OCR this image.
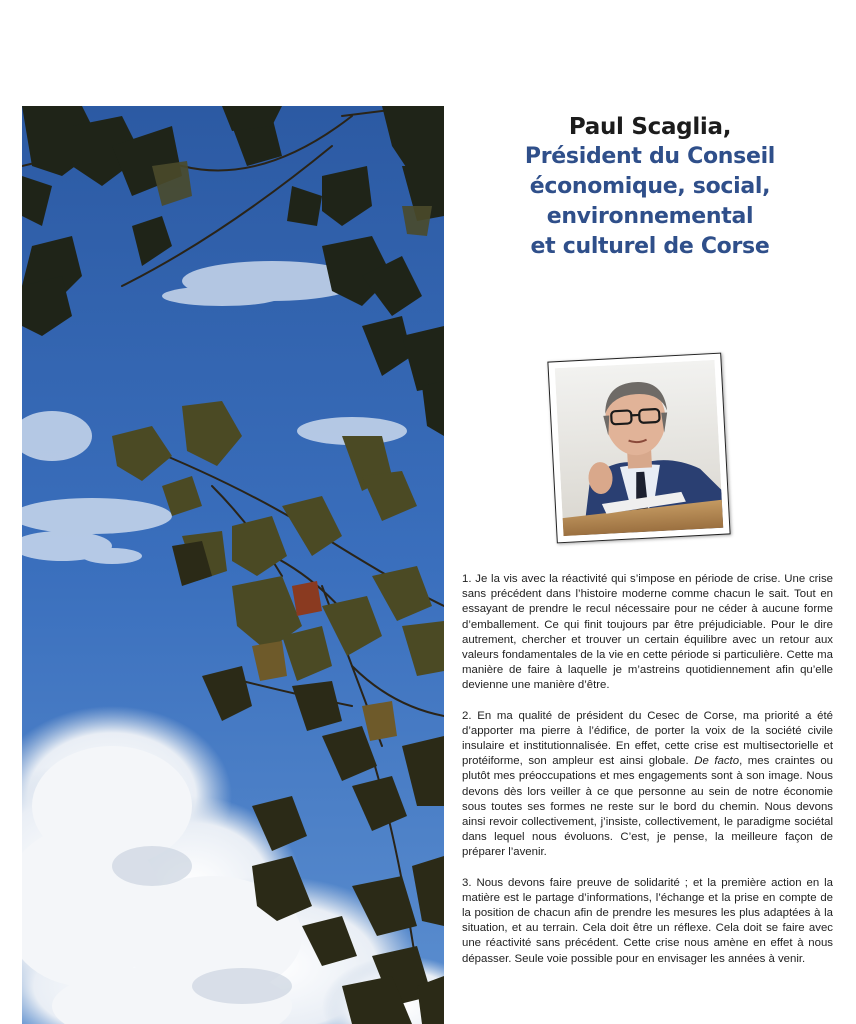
Paul Scaglia,
Président du Conseil
économique, social,
environnemental
et culturel de Corse

1. Je la vis avec la réactivité qui s’impose en période de crise. Une crise sans précédent dans l’histoire moderne comme chacun le sait. Tout en essayant de prendre le recul nécessaire pour ne céder à aucune forme d’emballement. Ce qui finit toujours par être préjudiciable. Pour le dire autrement, chercher et trouver un certain équilibre avec un retour aux valeurs fondamentales de la vie en cette période si particulière. Cette ma manière de faire à laquelle je m’astreins quotidiennement afin qu’elle devienne une manière d’être.

2. En ma qualité de président du Cesec de Corse, ma priorité a été d’apporter ma pierre à l’édifice, de porter la voix de la société civile insulaire et institutionnalisée. En effet, cette crise est multisectorielle et protéiforme, son ampleur est ainsi globale. De facto, mes craintes ou plutôt mes préoccupations et mes engagements sont à son image. Nous devons dès lors veiller à ce que personne au sein de notre économie sous toutes ses formes ne reste sur le bord du chemin. Nous devons ainsi revoir collectivement, j’insiste, collectivement, le paradigme sociétal dans lequel nous évoluons. C’est, je pense, la meilleure façon de préparer l’avenir.

3. Nous devons faire preuve de solidarité ; et la première action en la matière est le partage d’informations, l’échange et la prise en compte de la position de chacun afin de prendre les mesures les plus adaptées à la situation, et au terrain. Cela doit être un réflexe. Cela doit se faire avec une réactivité sans précédent. Cette crise nous amène en effet à nous dépasser. Seule voie possible pour en envisager les années à venir.
